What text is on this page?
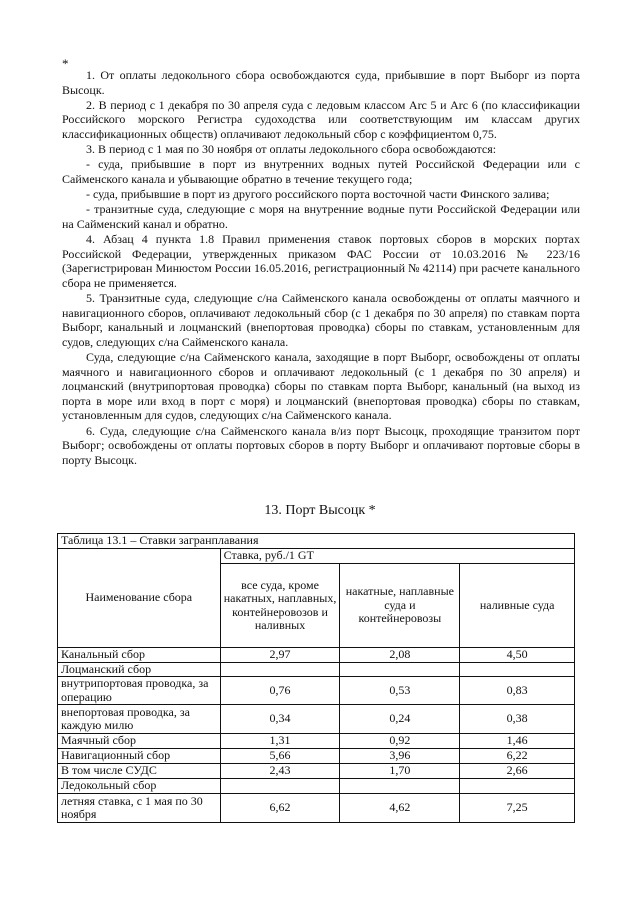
*

1. От оплаты ледокольного сбора освобождаются суда, прибывшие в порт Выборг из порта Высоцк.

2. В период с 1 декабря по 30 апреля суда с ледовым классом Arc 5 и Arc 6 (по классификации Российского морского Регистра судоходства или соответствующим им классам других классификационных обществ) оплачивают ледокольный сбор с коэффициентом 0,75.

3. В период с 1 мая по 30 ноября от оплаты ледокольного сбора освобождаются:

- суда, прибывшие в порт из внутренних водных путей Российской Федерации или с Сайменского канала и убывающие обратно в течение текущего года;

- суда, прибывшие в порт из другого российского порта восточной части Финского залива;

- транзитные суда, следующие с моря на внутренние водные пути Российской Федерации или на Сайменский канал и обратно.

4. Абзац 4 пункта 1.8 Правил применения ставок портовых сборов в морских портах Российской Федерации, утвержденных приказом ФАС России от 10.03.2016 № 223/16 (Зарегистрирован Минюстом России 16.05.2016, регистрационный № 42114) при расчете канального сбора не применяется.

5. Транзитные суда, следующие с/на Сайменского канала освобождены от оплаты маячного и навигационного сборов, оплачивают ледокольный сбор (с 1 декабря по 30 апреля) по ставкам порта Выборг, канальный и лоцманский (внепортовая проводка) сборы по ставкам, установленным для судов, следующих с/на Сайменского канала.

Суда, следующие с/на Сайменского канала, заходящие в порт Выборг, освобождены от оплаты маячного и навигационного сборов и оплачивают ледокольный (с 1 декабря по 30 апреля) и лоцманский (внутрипортовая проводка) сборы по ставкам порта Выборг, канальный (на выход из порта в море или вход в порт с моря) и лоцманский (внепортовая проводка) сборы по ставкам, установленным для судов, следующих с/на Сайменского канала.

6. Суда, следующие с/на Сайменского канала в/из порт Высоцк, проходящие транзитом порт Выборг; освобождены от оплаты портовых сборов в порту Выборг и оплачивают портовые сборы в порту Высоцк.

13. Порт Высоцк *
Таблица 13.1 – Ставки загранплавания			
Наименование сбора	Ставка, руб./1 GT		
	все суда, кроме накатных, наплавных, контейнеровозов и наливных	накатные, наплавные суда и контейнеровозы	наливные суда
Канальный сбор	2,97	2,08	4,50
Лоцманский сбор			
внутрипортовая проводка, за операцию	0,76	0,53	0,83
внепортовая проводка, за каждую милю	0,34	0,24	0,38
Маячный сбор	1,31	0,92	1,46
Навигационный сбор	5,66	3,96	6,22
В том числе СУДС	2,43	1,70	2,66
Ледокольный сбор			
летняя ставка, с 1 мая по 30 ноября	6,62	4,62	7,25
